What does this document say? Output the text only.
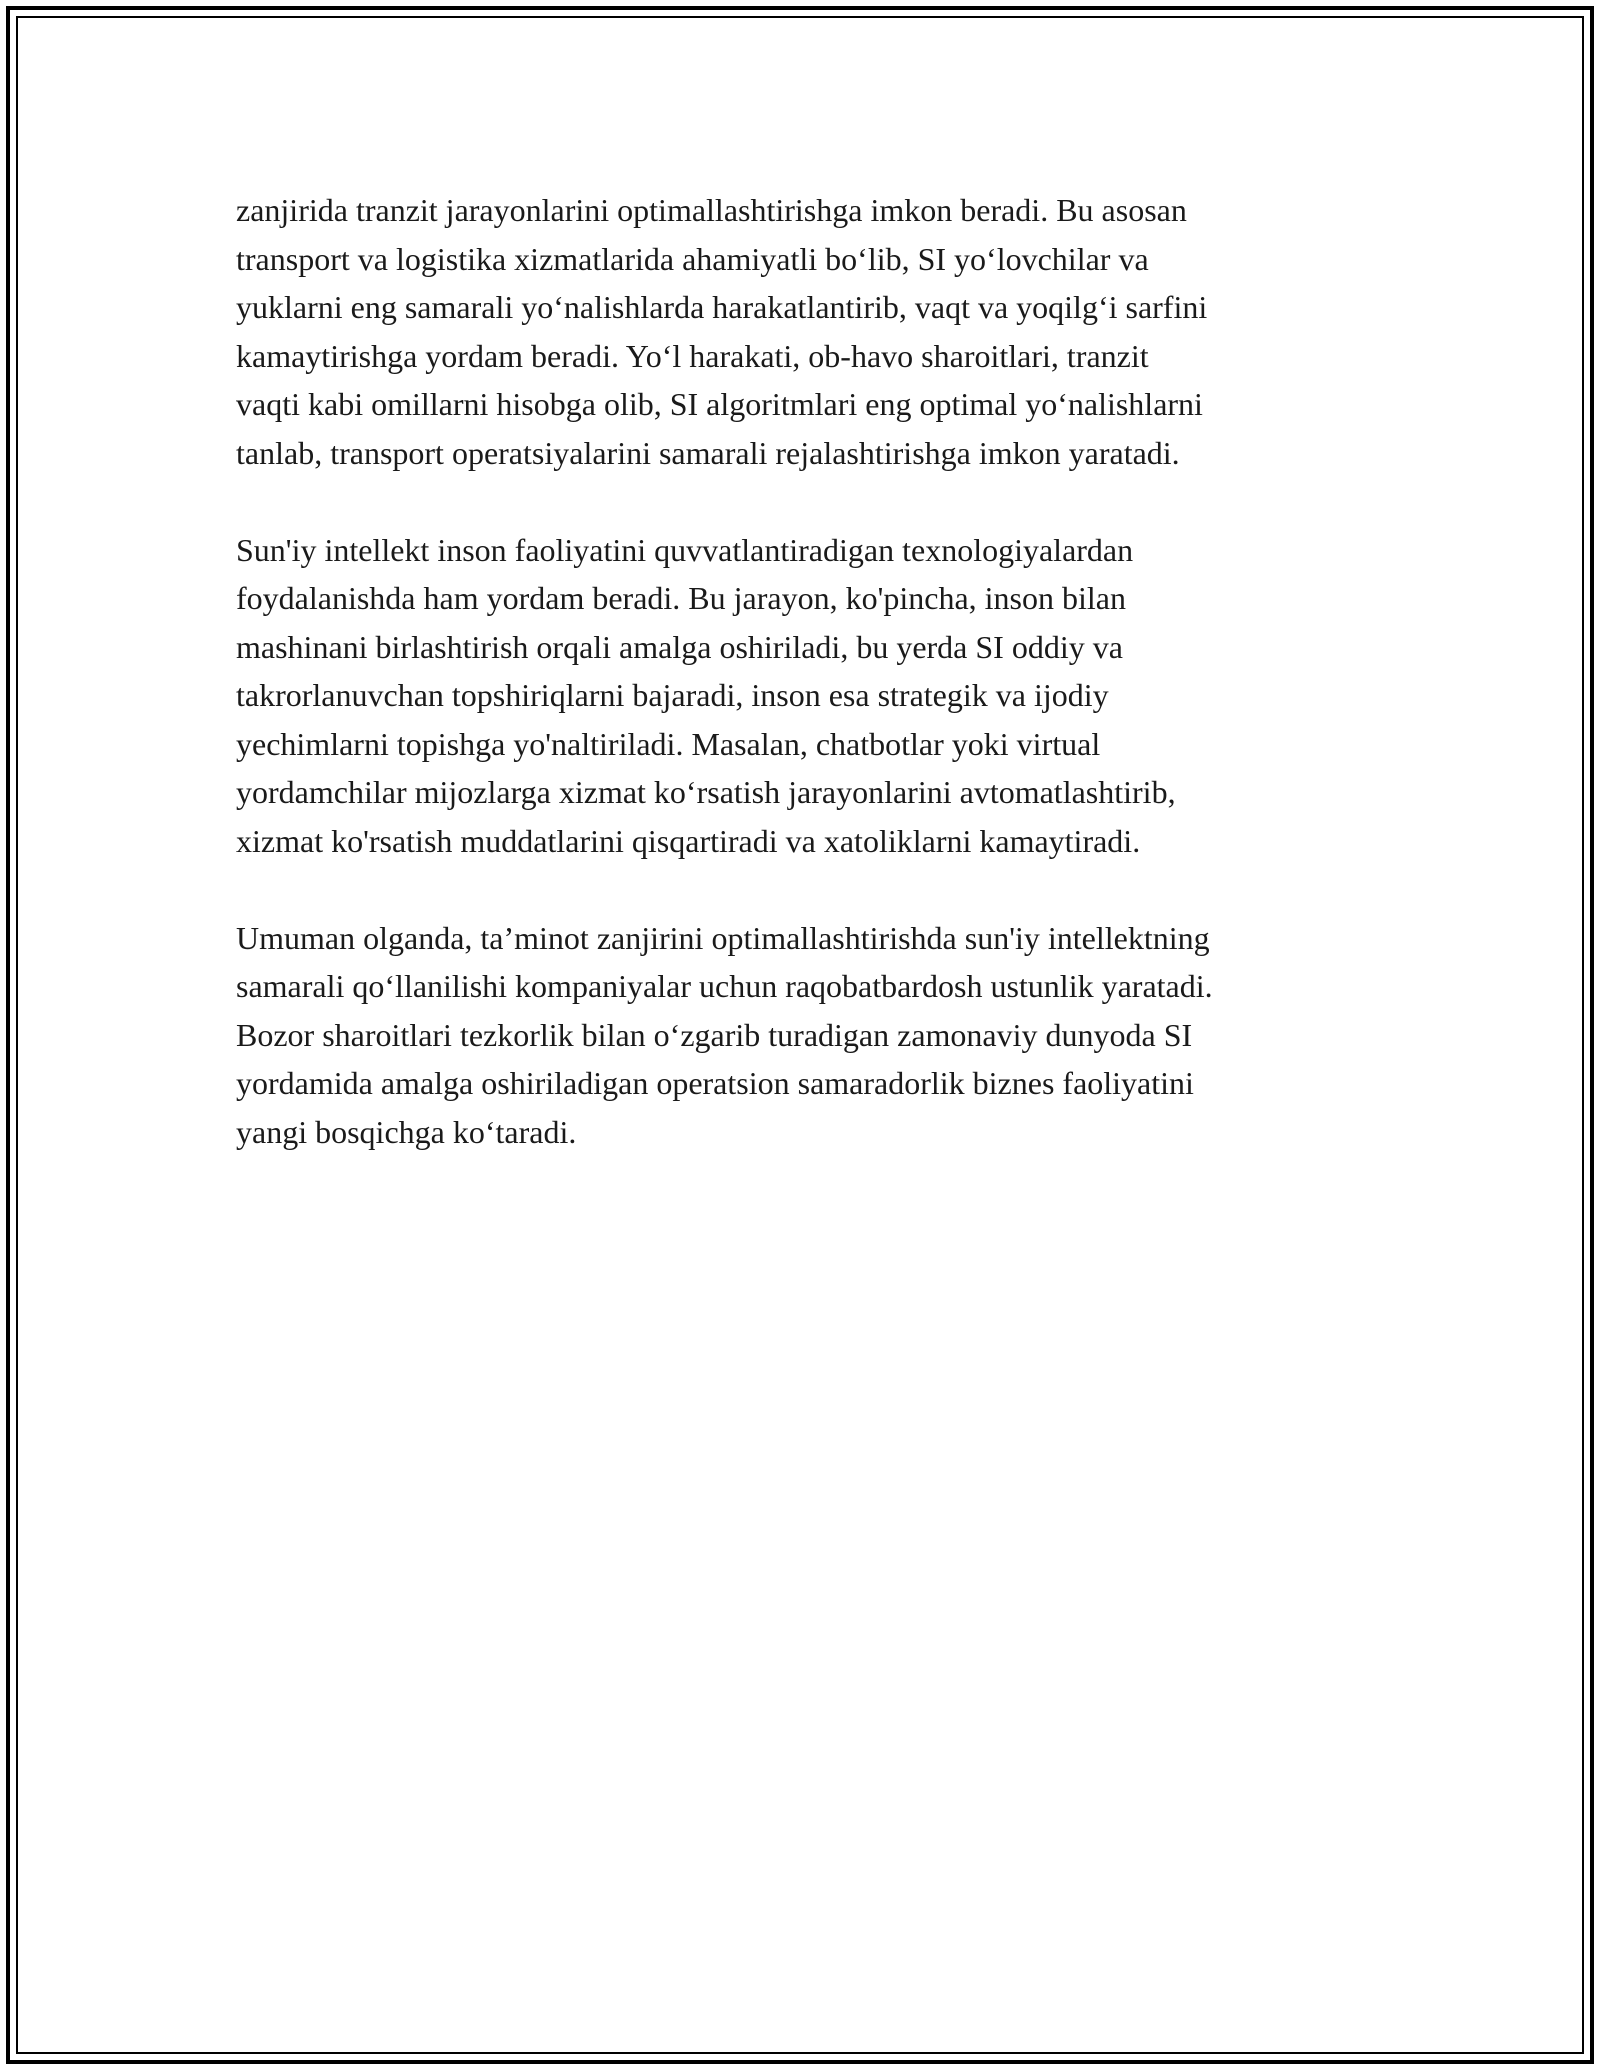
zanjirida tranzit jarayonlarini optimallashtirishga imkon beradi. Bu asosan
transport va logistika xizmatlarida ahamiyatli bo‘lib, SI yo‘lovchilar va
yuklarni eng samarali yo‘nalishlarda harakatlantirib, vaqt va yoqilg‘i sarfini
kamaytirishga yordam beradi. Yo‘l harakati, ob-havo sharoitlari, tranzit
vaqti kabi omillarni hisobga olib, SI algoritmlari eng optimal yo‘nalishlarni
tanlab, transport operatsiyalarini samarali rejalashtirishga imkon yaratadi.

Sun'iy intellekt inson faoliyatini quvvatlantiradigan texnologiyalardan
foydalanishda ham yordam beradi. Bu jarayon, ko'pincha, inson bilan
mashinani birlashtirish orqali amalga oshiriladi, bu yerda SI oddiy va
takrorlanuvchan topshiriqlarni bajaradi, inson esa strategik va ijodiy
yechimlarni topishga yo'naltiriladi. Masalan, chatbotlar yoki virtual
yordamchilar mijozlarga xizmat ko‘rsatish jarayonlarini avtomatlashtirib,
xizmat ko'rsatish muddatlarini qisqartiradi va xatoliklarni kamaytiradi.

Umuman olganda, ta’minot zanjirini optimallashtirishda sun'iy intellektning
samarali qo‘llanilishi kompaniyalar uchun raqobatbardosh ustunlik yaratadi.
Bozor sharoitlari tezkorlik bilan o‘zgarib turadigan zamonaviy dunyoda SI
yordamida amalga oshiriladigan operatsion samaradorlik biznes faoliyatini
yangi bosqichga ko‘taradi.
